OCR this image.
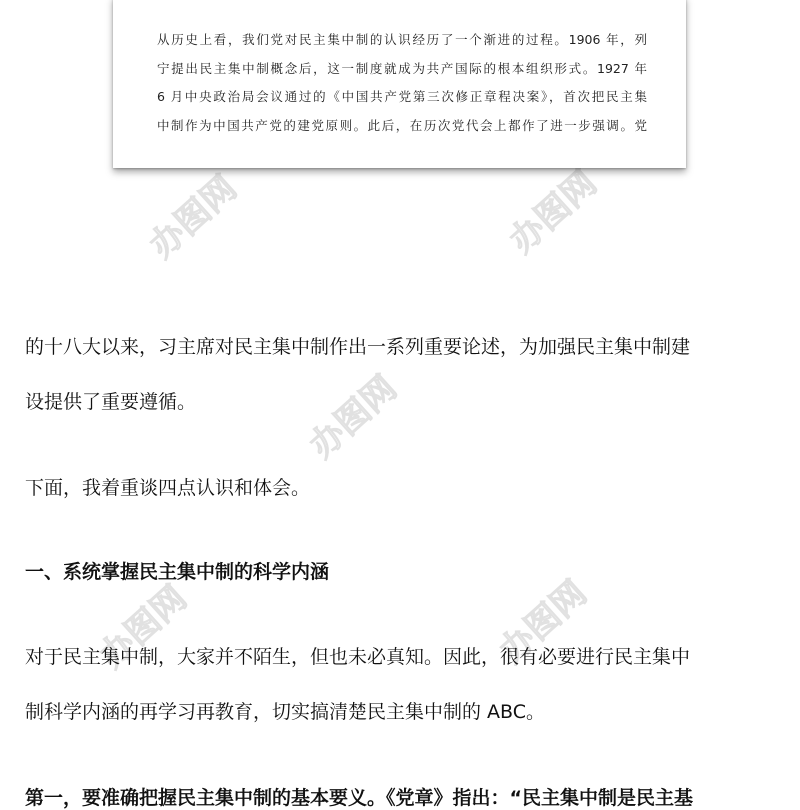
办图网	办图网
办图网
办图网	办图网
从历史上看，我们党对民主集中制的认识经历了一个渐进的过程。1906 年，列
宁提出民主集中制概念后，这一制度就成为共产国际的根本组织形式。1927 年
6 月中央政治局会议通过的《中国共产党第三次修正章程决案》，首次把民主集
中制作为中国共产党的建党原则。此后，在历次党代会上都作了进一步强调。党
的十八大以来，习主席对民主集中制作出一系列重要论述，为加强民主集中制建
设提供了重要遵循。
下面，我着重谈四点认识和体会。
一、系统掌握民主集中制的科学内涵
对于民主集中制，大家并不陌生，但也未必真知。因此，很有必要进行民主集中
制科学内涵的再学习再教育，切实搞清楚民主集中制的 ABC。
第一，要准确把握民主集中制的基本要义。《党章》指出：“民主集中制是民主基
